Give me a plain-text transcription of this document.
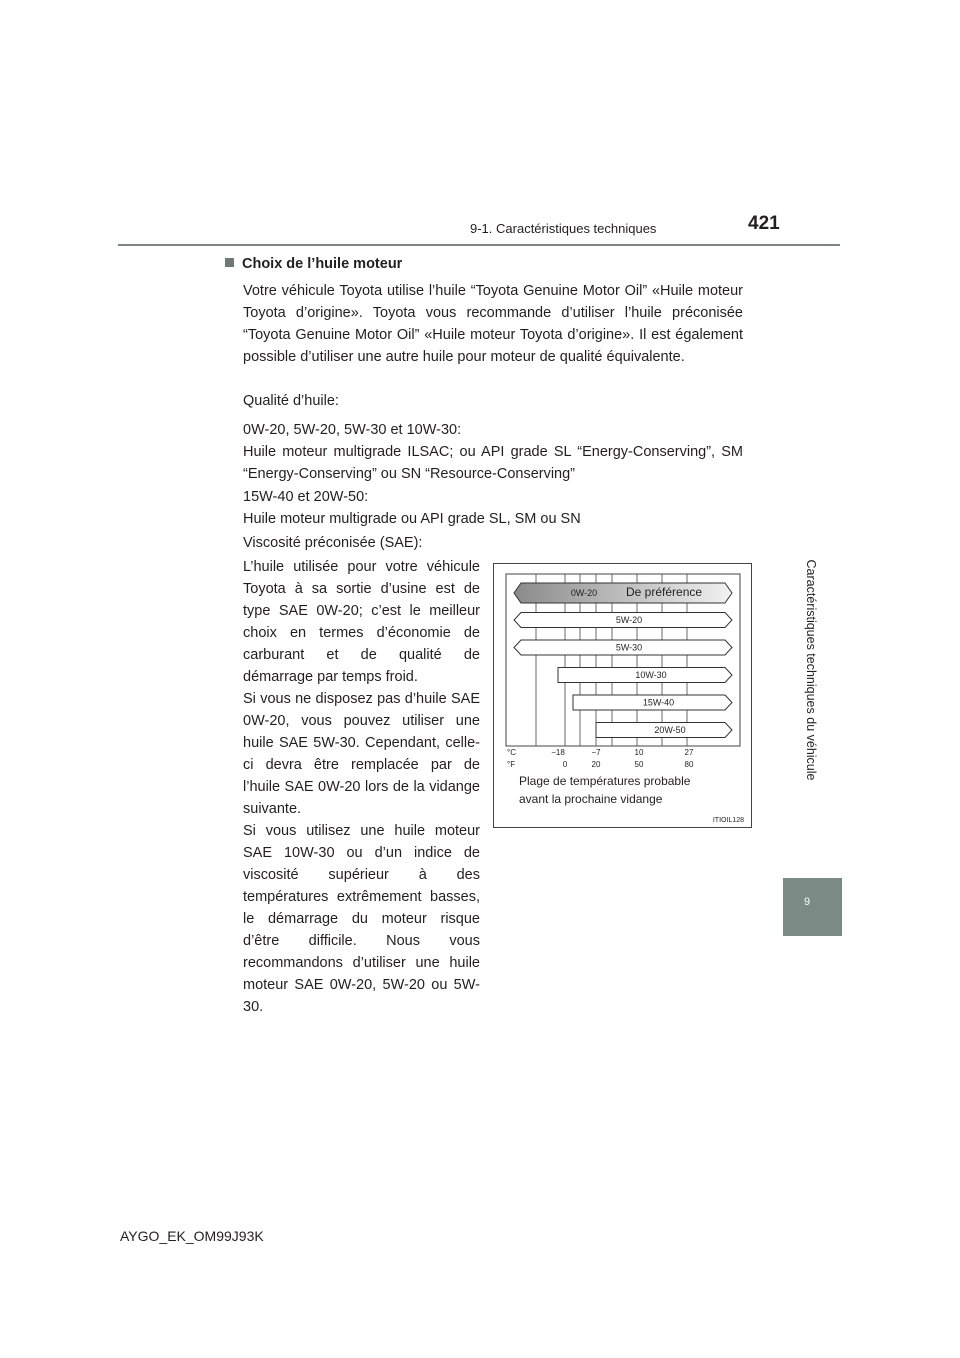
9-1. Caractéristiques techniques	421
Caractéristiques techniques du véhicule
9
Choix de l’huile moteur
Votre véhicule Toyota utilise l’huile “Toyota Genuine Motor Oil” «Huile moteur Toyota d’origine». Toyota vous recommande d’utiliser l’huile préconisée “Toyota Genuine Motor Oil” «Huile moteur Toyota d’origine». Il est également possible d’utiliser une autre huile pour moteur de qualité équivalente.
Qualité d’huile:
0W-20, 5W-20, 5W-30 et 10W-30:
Huile moteur multigrade ILSAC; ou API grade SL “Energy-Conserving”, SM “Energy-Conserving” ou SN “Resource-Conserving”
15W-40 et 20W-50:
Huile moteur multigrade ou API grade SL, SM ou SN
Viscosité préconisée (SAE):
L’huile utilisée pour votre véhicule Toyota à sa sortie d’usine est de type SAE 0W-20; c’est le meilleur choix en termes d’économie de carburant et de qualité de démarrage par temps froid.
Si vous ne disposez pas d’huile SAE 0W-20, vous pouvez utiliser une huile SAE 5W-30. Cependant, celle-ci devra être remplacée par de l’huile SAE 0W-20 lors de la vidange suivante.
Si vous utilisez une huile moteur SAE 10W-30 ou d’un indice de viscosité supérieur à des températures extrêmement basses, le démarrage du moteur risque d’être difficile. Nous vous recommandons d’utiliser une huile moteur SAE 0W-20, 5W-20 ou 5W-30.
0W-20
5W-20
5W-30
10W-30
15W-40
20W-50
De préférence
°C
°F
−18	−7	10	27
0	20	50	80
Plage de températures probable
avant la prochaine vidange
ITIOIL128
AYGO_EK_OM99J93K
